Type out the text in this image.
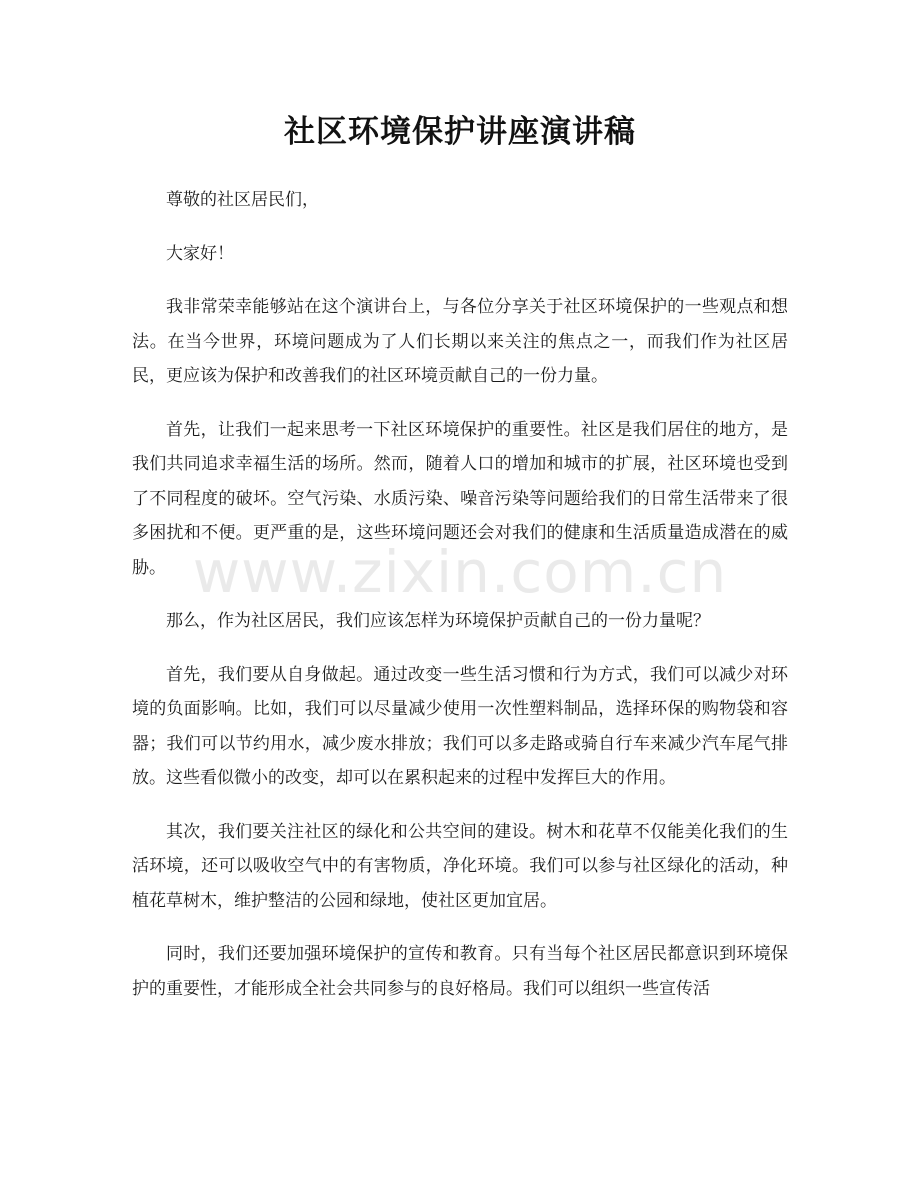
社区环境保护讲座演讲稿

尊敬的社区居民们，

大家好！

我非常荣幸能够站在这个演讲台上，与各位分享关于社区环境保护的一些观点和想法。在当今世界，环境问题成为了人们长期以来关注的焦点之一，而我们作为社区居民，更应该为保护和改善我们的社区环境贡献自己的一份力量。

首先，让我们一起来思考一下社区环境保护的重要性。社区是我们居住的地方，是我们共同追求幸福生活的场所。然而，随着人口的增加和城市的扩展，社区环境也受到了不同程度的破坏。空气污染、水质污染、噪音污染等问题给我们的日常生活带来了很多困扰和不便。更严重的是，这些环境问题还会对我们的健康和生活质量造成潜在的威胁。

那么，作为社区居民，我们应该怎样为环境保护贡献自己的一份力量呢？

首先，我们要从自身做起。通过改变一些生活习惯和行为方式，我们可以减少对环境的负面影响。比如，我们可以尽量减少使用一次性塑料制品，选择环保的购物袋和容器；我们可以节约用水，减少废水排放；我们可以多走路或骑自行车来减少汽车尾气排放。这些看似微小的改变，却可以在累积起来的过程中发挥巨大的作用。

其次，我们要关注社区的绿化和公共空间的建设。树木和花草不仅能美化我们的生活环境，还可以吸收空气中的有害物质，净化环境。我们可以参与社区绿化的活动，种植花草树木，维护整洁的公园和绿地，使社区更加宜居。

同时，我们还要加强环境保护的宣传和教育。只有当每个社区居民都意识到环境保护的重要性，才能形成全社会共同参与的良好格局。我们可以组织一些宣传活

www.zixin.com.cn
